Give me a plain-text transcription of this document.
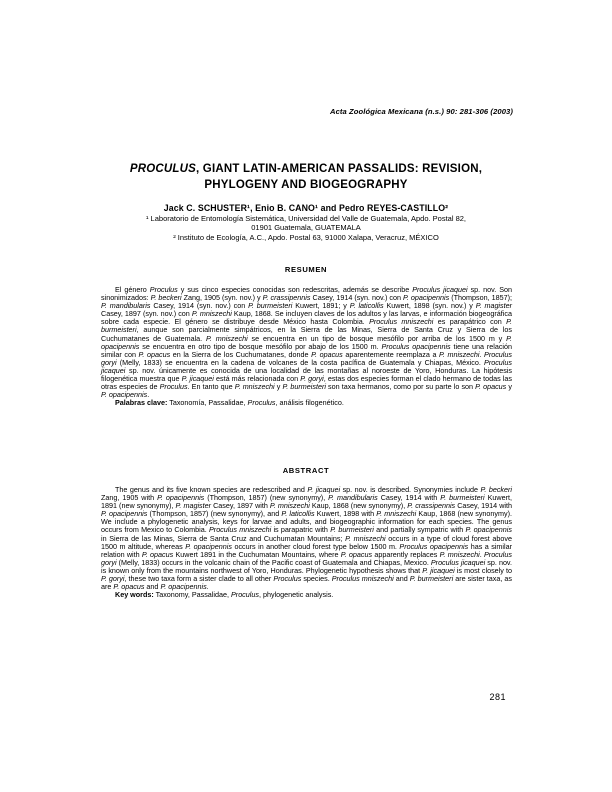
Acta Zoológica Mexicana (n.s.) 90: 281-306 (2003)
PROCULUS, GIANT LATIN-AMERICAN PASSALIDS: REVISION, PHYLOGENY AND BIOGEOGRAPHY
Jack C. SCHUSTER¹, Enio B. CANO¹ and Pedro REYES-CASTILLO²
¹ Laboratorio de Entomología Sistemática, Universidad del Valle de Guatemala, Apdo. Postal 82, 01901 Guatemala, GUATEMALA
² Instituto de Ecología, A.C., Apdo. Postal 63, 91000 Xalapa, Veracruz, MÉXICO
RESUMEN

El género Proculus y sus cinco especies conocidas son redescritas, además se describe Proculus jicaquei sp. nov. Son sinonimizados: P. beckeri Zang, 1905 (syn. nov.) y P. crassipennis Casey, 1914 (syn. nov.) con P. opacipennis (Thompson, 1857); P. mandibularis Casey, 1914 (syn. nov.) con P. burmeisteri Kuwert, 1891; y P. laticollis Kuwert, 1898 (syn. nov.) y P. magister Casey, 1897 (syn. nov.) con P. mniszechi Kaup, 1868. Se incluyen claves de los adultos y las larvas, e información biogeográfica sobre cada especie. El género se distribuye desde México hasta Colombia. Proculus mniszechi es parapátrico con P. burmeisteri, aunque son parcialmente simpátricos, en la Sierra de las Minas, Sierra de Santa Cruz y Sierra de los Cuchumatanes de Guatemala. P. mniszechi se encuentra en un tipo de bosque mesófilo por arriba de los 1500 m y P. opacipennis se encuentra en otro tipo de bosque mesófilo por abajo de los 1500 m. Proculus opacipennis tiene una relación similar con P. opacus en la Sierra de los Cuchumatanes, donde P. opacus aparentemente reemplaza a P. mniszechi. Proculus goryi (Melly, 1833) se encuentra en la cadena de volcanes de la costa pacífica de Guatemala y Chiapas, México. Proculus jicaquei sp. nov. únicamente es conocida de una localidad de las montañas al noroeste de Yoro, Honduras. La hipótesis filogenética muestra que P. jicaquei está más relacionada con P. goryi, estas dos especies forman el clado hermano de todas las otras especies de Proculus. En tanto que P. mniszechi y P. burmeisteri son taxa hermanos, como por su parte lo son P. opacus y P. opacipennis.

Palabras clave: Taxonomía, Passalidae, Proculus, análisis filogenético.

ABSTRACT

The genus and its five known species are redescribed and P. jicaquei sp. nov. is described. Synonymies include P. beckeri Zang, 1905 with P. opacipennis (Thompson, 1857) (new synonymy), P. mandibularis Casey, 1914 with P. burmeisteri Kuwert, 1891 (new synonymy), P. magister Casey, 1897 with P. mniszechi Kaup, 1868 (new synonymy), P. crassipennis Casey, 1914 with P. opacipennis (Thompson, 1857) (new synonymy), and P. laticollis Kuwert, 1898 with P. mniszechi Kaup, 1868 (new synonymy). We include a phylogenetic analysis, keys for larvae and adults, and biogeographic information for each species. The genus occurs from Mexico to Colombia. Proculus mniszechi is parapatric with P. burmeisteri and partially sympatric with P. opacipennis in Sierra de las Minas, Sierra de Santa Cruz and Cuchumatan Mountains; P. mniszechi occurs in a type of cloud forest above 1500 m altitude, whereas P. opacipennis occurs in another cloud forest type below 1500 m. Proculus opacipennis has a similar relation with P. opacus Kuwert 1891 in the Cuchumatan Mountains, where P. opacus apparently replaces P. mniszechi. Proculus goryi (Melly, 1833) occurs in the volcanic chain of the Pacific coast of Guatemala and Chiapas, Mexico. Proculus jicaquei sp. nov. is known only from the mountains northwest of Yoro, Honduras. Phylogenetic hypothesis shows that P. jicaquei is most closely to P. goryi, these two taxa form a sister clade to all other Proculus species. Proculus mniszechi and P. burmeisteri are sister taxa, as are P. opacus and P. opacipennis.

Key words: Taxonomy, Passalidae, Proculus, phylogenetic analysis.

281
